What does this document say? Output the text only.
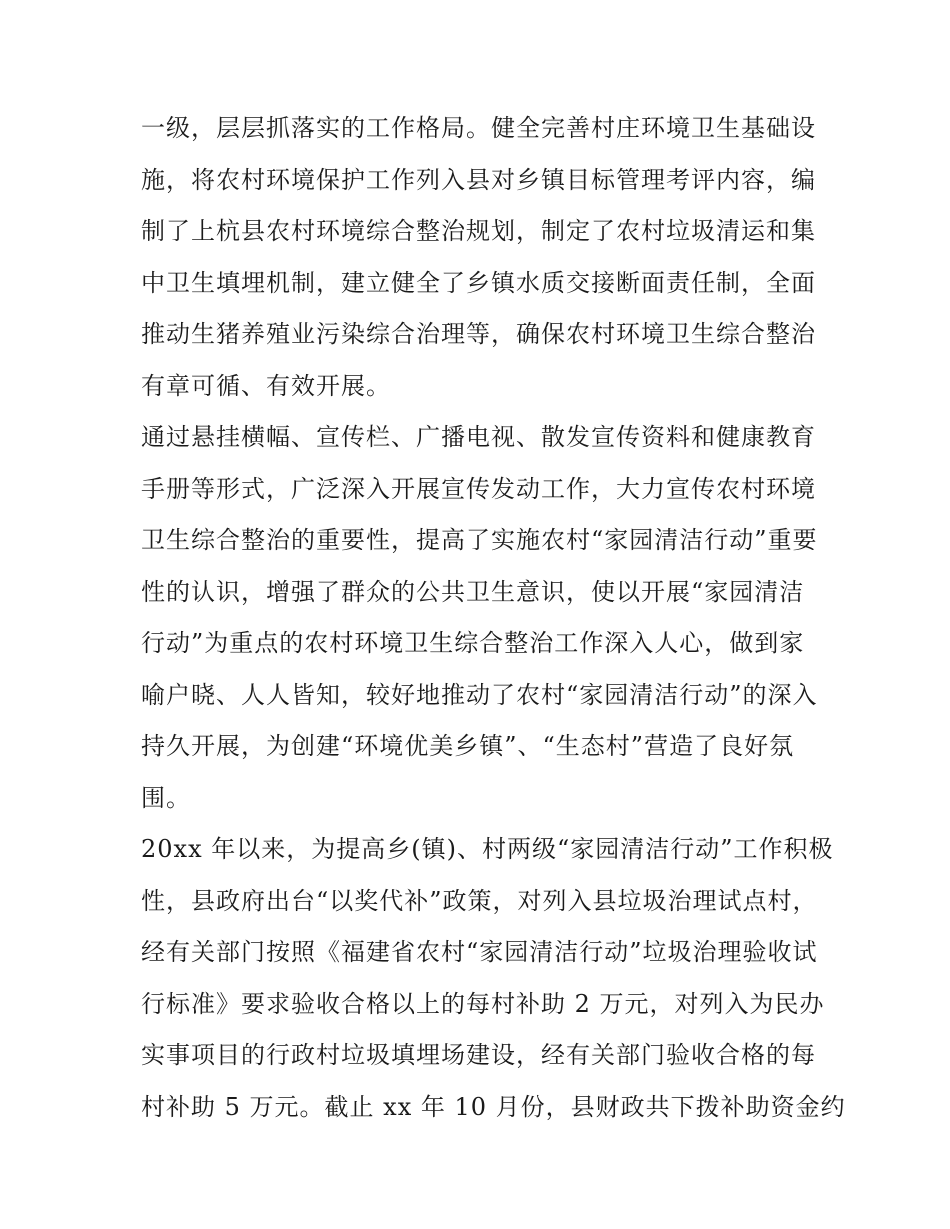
一级，层层抓落实的工作格局。健全完善村庄环境卫生基础设
施，将农村环境保护工作列入县对乡镇目标管理考评内容，编
制了上杭县农村环境综合整治规划，制定了农村垃圾清运和集
中卫生填埋机制，建立健全了乡镇水质交接断面责任制，全面
推动生猪养殖业污染综合治理等，确保农村环境卫生综合整治
有章可循、有效开展。
通过悬挂横幅、宣传栏、广播电视、散发宣传资料和健康教育
手册等形式，广泛深入开展宣传发动工作，大力宣传农村环境
卫生综合整治的重要性，提高了实施农村“家园清洁行动”重要
性的认识，增强了群众的公共卫生意识，使以开展“家园清洁
行动”为重点的农村环境卫生综合整治工作深入人心，做到家
喻户晓、人人皆知，较好地推动了农村“家园清洁行动”的深入
持久开展，为创建“环境优美乡镇”、“生态村”营造了良好氛
围。
20xx 年以来，为提高乡(镇)、村两级“家园清洁行动”工作积极
性，县政府出台“以奖代补”政策，对列入县垃圾治理试点村，
经有关部门按照《福建省农村“家园清洁行动”垃圾治理验收试
行标准》要求验收合格以上的每村补助 2 万元，对列入为民办
实事项目的行政村垃圾填埋场建设，经有关部门验收合格的每
村补助 5 万元。截止 xx 年 10 月份，县财政共下拨补助资金约
